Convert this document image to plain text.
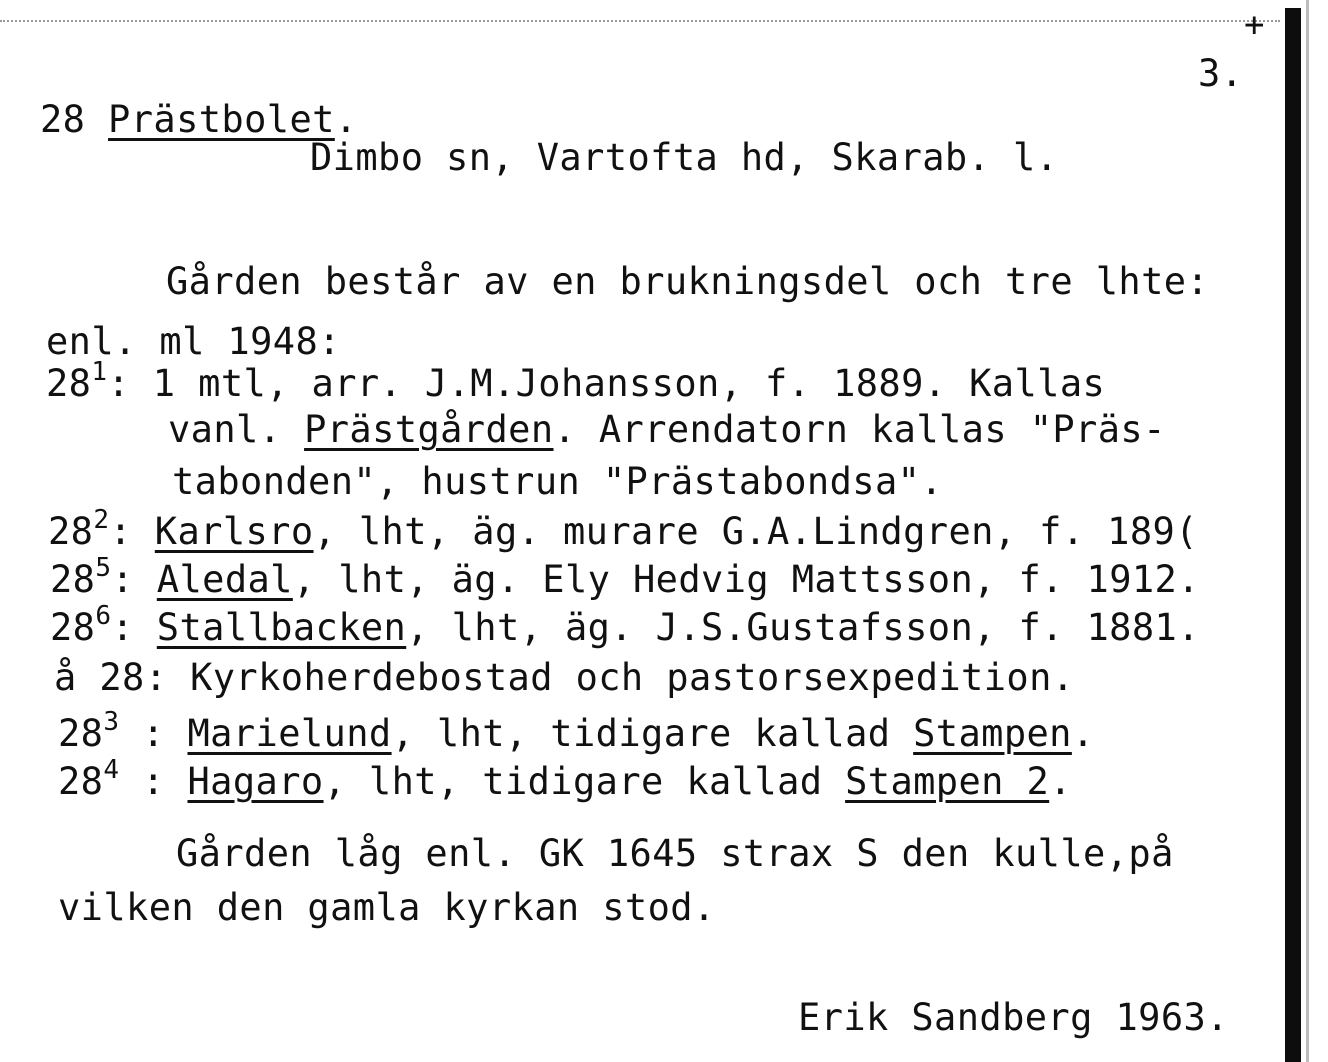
+
3.
28 Prästbolet.
Dimbo sn, Vartofta hd, Skarab. l.
Gården består av en brukningsdel och tre lhte:
enl. ml 1948:
$28^1$: 1 mtl, arr. J.M.Johansson, f. 1889. Kallas
vanl. Prästgården. Arrendatorn kallas "Präs-
tabonden", hustrun "Prästabondsa".
$28^2$: Karlsro, lht, äg. murare G.A.Lindgren, f. 189(
$28^5$: Aledal, lht, äg. Ely Hedvig Mattsson, f. 1912.
$28^6$: Stallbacken, lht, äg. J.S.Gustafsson, f. 1881.
å 28: Kyrkoherdebostad och pastorsexpedition.
$28^3$ : Marielund, lht, tidigare kallad Stampen.
$28^4$ : Hagaro, lht, tidigare kallad Stampen 2.
Gården låg enl. GK 1645 strax S den kulle,på
vilken den gamla kyrkan stod.
Erik Sandberg 1963.
